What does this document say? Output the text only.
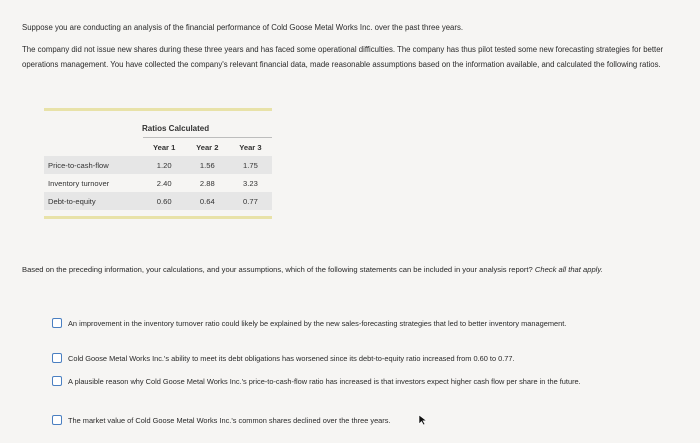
Suppose you are conducting an analysis of the financial performance of Cold Goose Metal Works Inc. over the past three years.
The company did not issue new shares during these three years and has faced some operational difficulties. The company has thus pilot tested some new forecasting strategies for better operations management. You have collected the company's relevant financial data, made reasonable assumptions based on the information available, and calculated the following ratios.
Ratios Calculated			
	Year 1	Year 2	Year 3
Price-to-cash-flow	1.20	1.56	1.75
Inventory turnover	2.40	2.88	3.23
Debt-to-equity	0.60	0.64	0.77
Based on the preceding information, your calculations, and your assumptions, which of the following statements can be included in your analysis report? Check all that apply.
An improvement in the inventory turnover ratio could likely be explained by the new sales-forecasting strategies that led to better inventory management.
Cold Goose Metal Works Inc.'s ability to meet its debt obligations has worsened since its debt-to-equity ratio increased from 0.60 to 0.77.
A plausible reason why Cold Goose Metal Works Inc.'s price-to-cash-flow ratio has increased is that investors expect higher cash flow per share in the future.
The market value of Cold Goose Metal Works Inc.'s common shares declined over the three years.
